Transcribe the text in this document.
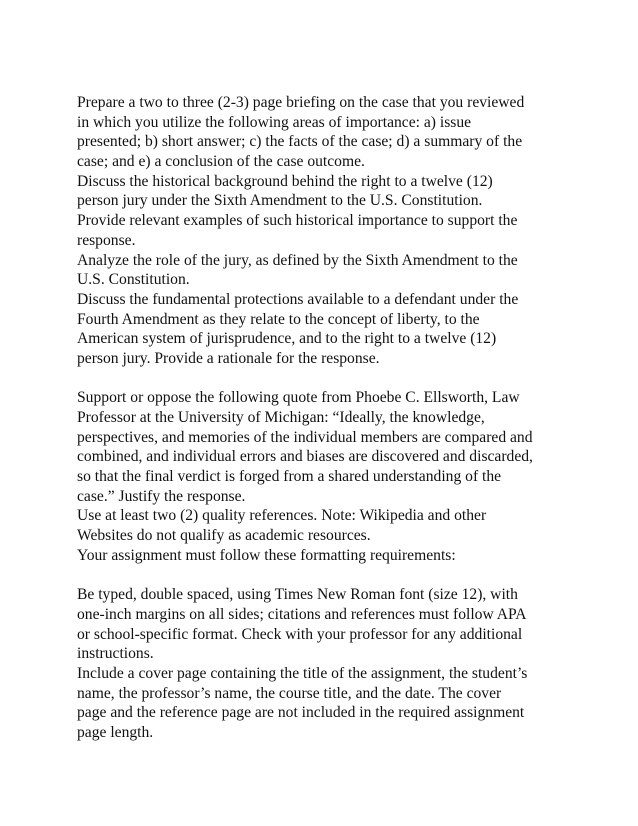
Prepare a two to three (2-3) page briefing on the case that you reviewed
in which you utilize the following areas of importance: a) issue
presented; b) short answer; c) the facts of the case; d) a summary of the
case; and e) a conclusion of the case outcome.
Discuss the historical background behind the right to a twelve (12)
person jury under the Sixth Amendment to the U.S. Constitution.
Provide relevant examples of such historical importance to support the
response.
Analyze the role of the jury, as defined by the Sixth Amendment to the
U.S. Constitution.
Discuss the fundamental protections available to a defendant under the
Fourth Amendment as they relate to the concept of liberty, to the
American system of jurisprudence, and to the right to a twelve (12)
person jury. Provide a rationale for the response.
Support or oppose the following quote from Phoebe C. Ellsworth, Law
Professor at the University of Michigan: “Ideally, the knowledge,
perspectives, and memories of the individual members are compared and
combined, and individual errors and biases are discovered and discarded,
so that the final verdict is forged from a shared understanding of the
case.” Justify the response.
Use at least two (2) quality references. Note: Wikipedia and other
Websites do not qualify as academic resources.
Your assignment must follow these formatting requirements:
Be typed, double spaced, using Times New Roman font (size 12), with
one-inch margins on all sides; citations and references must follow APA
or school-specific format. Check with your professor for any additional
instructions.
Include a cover page containing the title of the assignment, the student’s
name, the professor’s name, the course title, and the date. The cover
page and the reference page are not included in the required assignment
page length.
